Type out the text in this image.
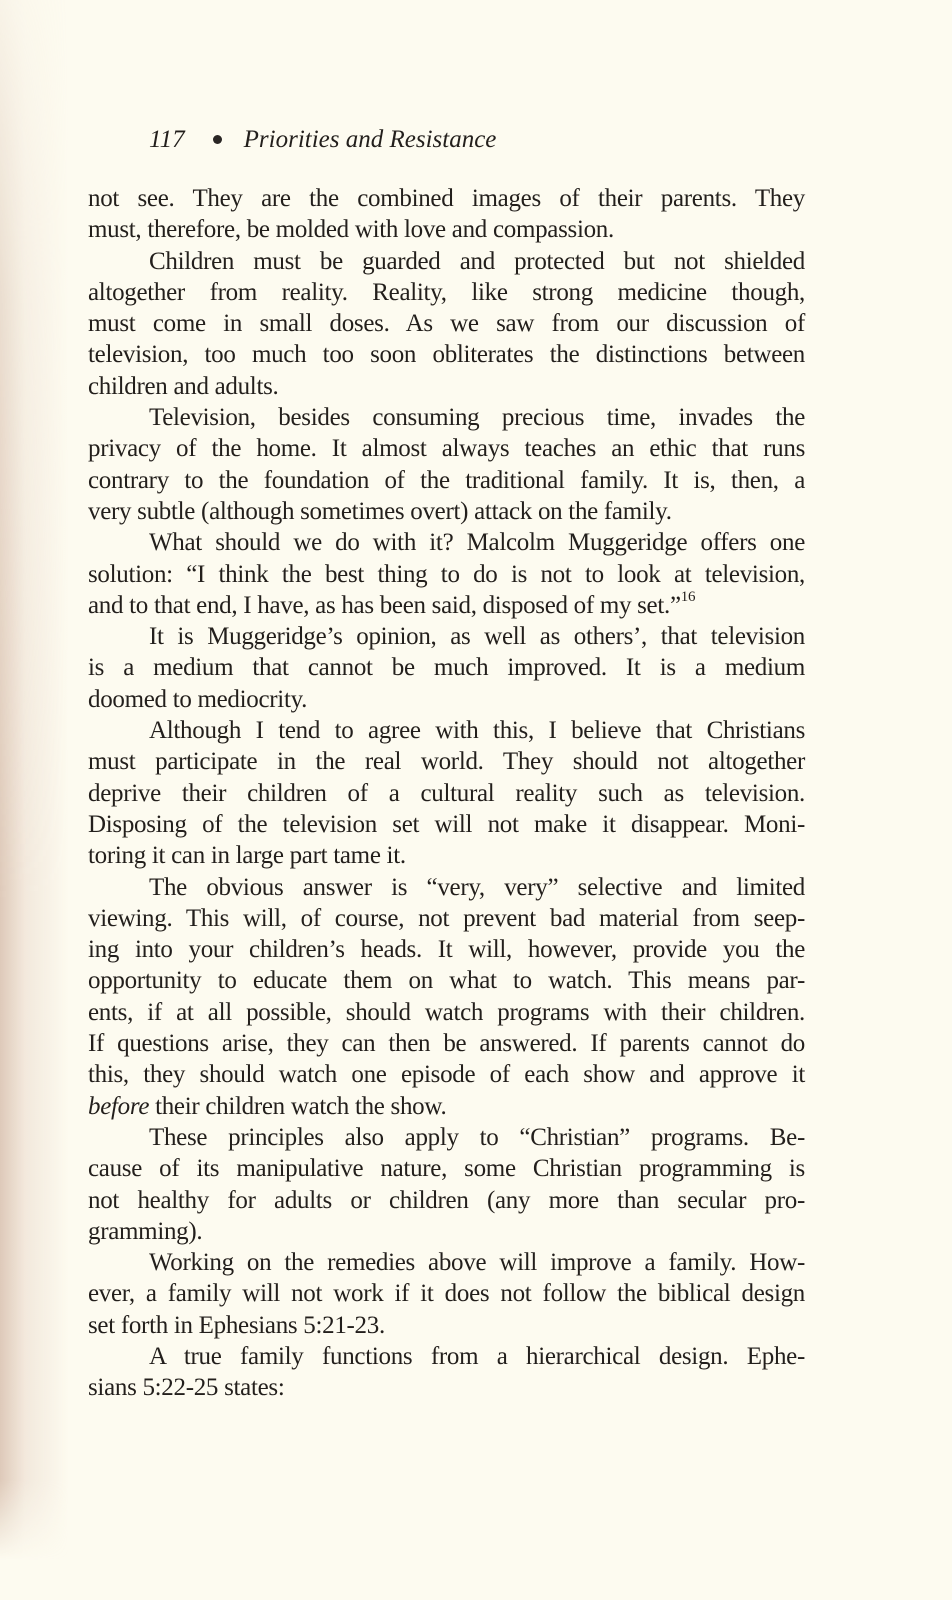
117 Priorities and Resistance
not see. They are the combined images of their parents. They
must, therefore, be molded with love and compassion.
Children must be guarded and protected but not shielded
altogether from reality. Reality, like strong medicine though,
must come in small doses. As we saw from our discussion of
television, too much too soon obliterates the distinctions between
children and adults.
Television, besides consuming precious time, invades the
privacy of the home. It almost always teaches an ethic that runs
contrary to the foundation of the traditional family. It is, then, a
very subtle (although sometimes overt) attack on the family.
What should we do with it? Malcolm Muggeridge offers one
solution: “I think the best thing to do is not to look at television,
and to that end, I have, as has been said, disposed of my set.”$^{16}$
It is Muggeridge’s opinion, as well as others’, that television
is a medium that cannot be much improved. It is a medium
doomed to mediocrity.
Although I tend to agree with this, I believe that Christians
must participate in the real world. They should not altogether
deprive their children of a cultural reality such as television.
Disposing of the television set will not make it disappear. Moni-
toring it can in large part tame it.
The obvious answer is “very, very” selective and limited
viewing. This will, of course, not prevent bad material from seep-
ing into your children’s heads. It will, however, provide you the
opportunity to educate them on what to watch. This means par-
ents, if at all possible, should watch programs with their children.
If questions arise, they can then be answered. If parents cannot do
this, they should watch one episode of each show and approve it
before their children watch the show.
These principles also apply to “Christian” programs. Be-
cause of its manipulative nature, some Christian programming is
not healthy for adults or children (any more than secular pro-
gramming).
Working on the remedies above will improve a family. How-
ever, a family will not work if it does not follow the biblical design
set forth in Ephesians 5:21-23.
A true family functions from a hierarchical design. Ephe-
sians 5:22-25 states:
